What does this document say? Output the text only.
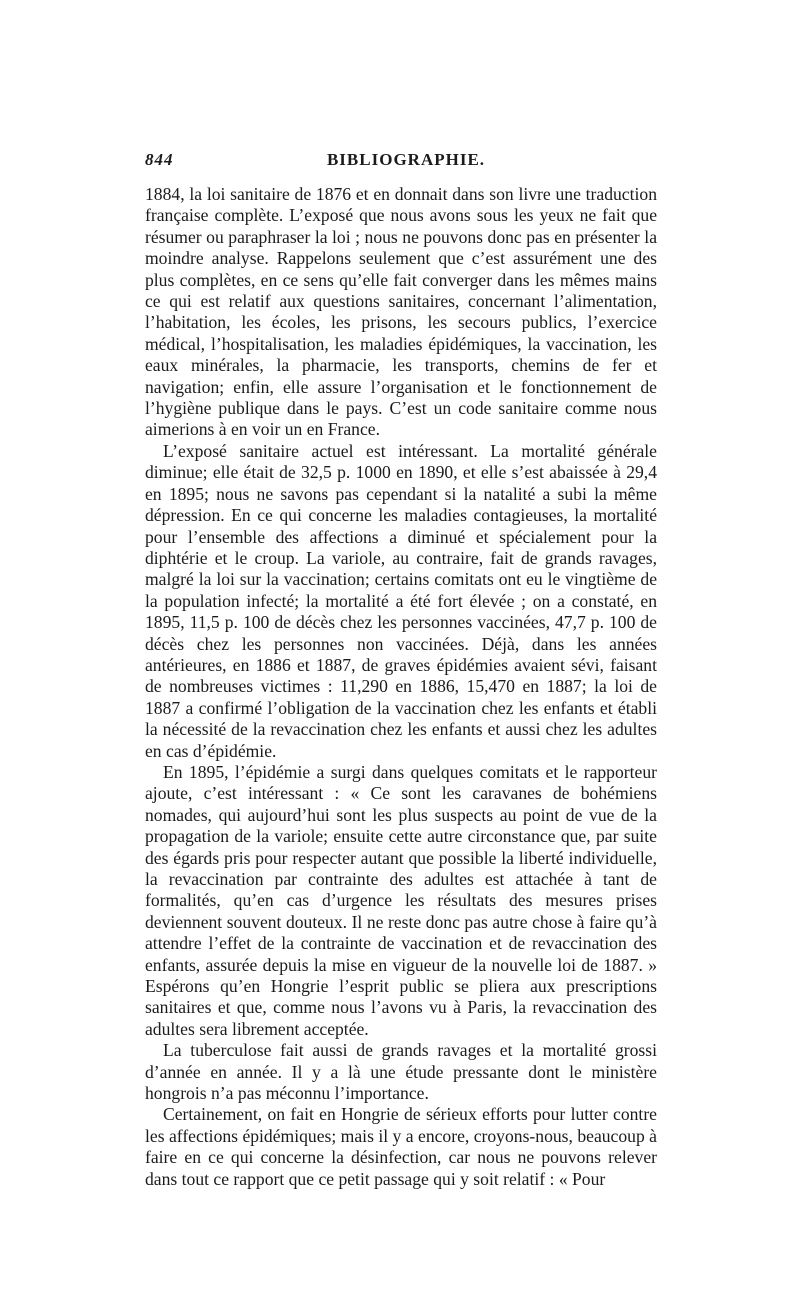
844	BIBLIOGRAPHIE.

1884, la loi sanitaire de 1876 et en donnait dans son livre une traduction française complète. L’exposé que nous avons sous les yeux ne fait que résumer ou paraphraser la loi ; nous ne pouvons donc pas en présenter la moindre analyse. Rappelons seulement que c’est assurément une des plus complètes, en ce sens qu’elle fait converger dans les mêmes mains ce qui est relatif aux questions sanitaires, concernant l’alimentation, l’habitation, les écoles, les prisons, les secours publics, l’exercice médical, l’hospitalisation, les maladies épidémiques, la vaccination, les eaux minérales, la pharmacie, les transports, chemins de fer et navigation; enfin, elle assure l’organisation et le fonctionnement de l’hygiène publique dans le pays. C’est un code sanitaire comme nous aimerions à en voir un en France.

L’exposé sanitaire actuel est intéressant. La mortalité générale diminue; elle était de 32,5 p. 1000 en 1890, et elle s’est abaissée à 29,4 en 1895; nous ne savons pas cependant si la natalité a subi la même dépression. En ce qui concerne les maladies contagieuses, la mortalité pour l’ensemble des affections a diminué et spécialement pour la diphtérie et le croup. La variole, au contraire, fait de grands ravages, malgré la loi sur la vaccination; certains comitats ont eu le vingtième de la population infecté; la mortalité a été fort élevée ; on a constaté, en 1895, 11,5 p. 100 de décès chez les personnes vaccinées, 47,7 p. 100 de décès chez les personnes non vaccinées. Déjà, dans les années antérieures, en 1886 et 1887, de graves épidémies avaient sévi, faisant de nombreuses victimes : 11,290 en 1886, 15,470 en 1887; la loi de 1887 a confirmé l’obligation de la vaccination chez les enfants et établi la nécessité de la revaccination chez les enfants et aussi chez les adultes en cas d’épidémie.

En 1895, l’épidémie a surgi dans quelques comitats et le rapporteur ajoute, c’est intéressant : « Ce sont les caravanes de bohémiens nomades, qui aujourd’hui sont les plus suspects au point de vue de la propagation de la variole; ensuite cette autre circonstance que, par suite des égards pris pour respecter autant que possible la liberté individuelle, la revaccination par contrainte des adultes est attachée à tant de formalités, qu’en cas d’urgence les résultats des mesures prises deviennent souvent douteux. Il ne reste donc pas autre chose à faire qu’à attendre l’effet de la contrainte de vaccination et de revaccination des enfants, assurée depuis la mise en vigueur de la nouvelle loi de 1887. » Espérons qu’en Hongrie l’esprit public se pliera aux prescriptions sanitaires et que, comme nous l’avons vu à Paris, la revaccination des adultes sera librement acceptée.

La tuberculose fait aussi de grands ravages et la mortalité grossi d’année en année. Il y a là une étude pressante dont le ministère hongrois n’a pas méconnu l’importance.

Certainement, on fait en Hongrie de sérieux efforts pour lutter contre les affections épidémiques; mais il y a encore, croyons-nous, beaucoup à faire en ce qui concerne la désinfection, car nous ne pouvons relever dans tout ce rapport que ce petit passage qui y soit relatif : « Pour
